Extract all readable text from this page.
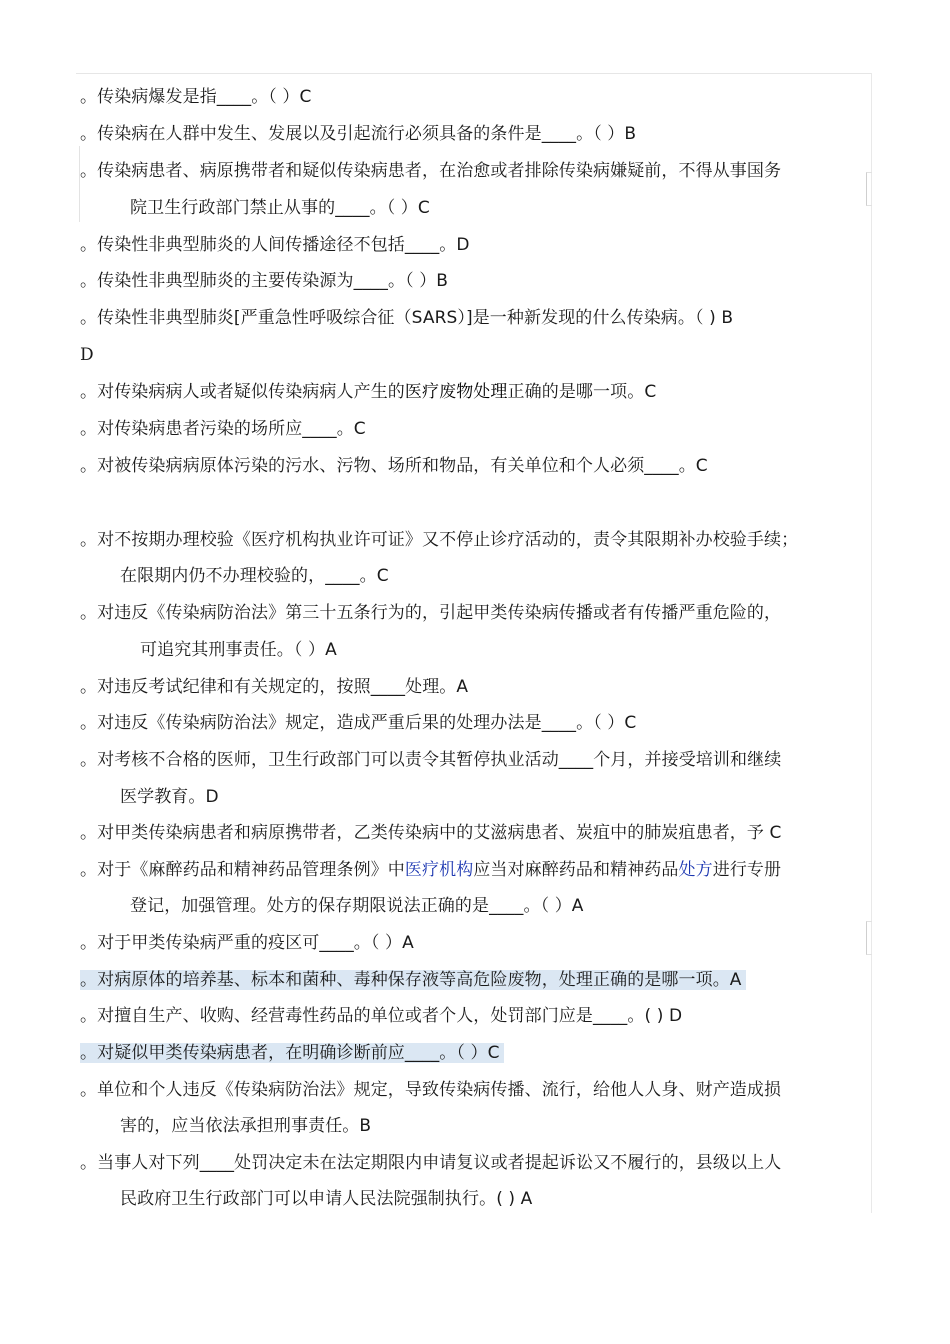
。传染病爆发是指____。（ ）C
。传染病在人群中发生、发展以及引起流行必须具备的条件是____。（ ）B
。传染病患者、病原携带者和疑似传染病患者，在治愈或者排除传染病嫌疑前，不得从事国务
院卫生行政部门禁止从事的____。（ ）C
。传染性非典型肺炎的人间传播途径不包括____。D
。传染性非典型肺炎的主要传染源为____。（ ）B
。传染性非典型肺炎[严重急性呼吸综合征（SARS）]是一种新发现的什么传染病。（ ) B
D
。对传染病病人或者疑似传染病病人产生的医疗废物处理正确的是哪一项。C
。对传染病患者污染的场所应____。C
。对被传染病病原体污染的污水、污物、场所和物品，有关单位和个人必须____。C
。对不按期办理校验《医疗机构执业许可证》又不停止诊疗活动的，责令其限期补办校验手续；
在限期内仍不办理校验的，____。C
。对违反《传染病防治法》第三十五条行为的，引起甲类传染病传播或者有传播严重危险的，
可追究其刑事责任。（ ）A
。对违反考试纪律和有关规定的，按照____处理。A
。对违反《传染病防治法》规定，造成严重后果的处理办法是____。（ ）C
。对考核不合格的医师，卫生行政部门可以责令其暂停执业活动____个月，并接受培训和继续
医学教育。D
。对甲类传染病患者和病原携带者，乙类传染病中的艾滋病患者、炭疽中的肺炭疽患者，予 C
。对于《麻醉药品和精神药品管理条例》中医疗机构应当对麻醉药品和精神药品处方进行专册
登记，加强管理。处方的保存期限说法正确的是____。（ ）A
。对于甲类传染病严重的疫区可____。（ ）A
。对病原体的培养基、标本和菌种、毒种保存液等高危险废物，处理正确的是哪一项。A
。对擅自生产、收购、经营毒性药品的单位或者个人，处罚部门应是____。( ) D
。对疑似甲类传染病患者，在明确诊断前应____。（ ）C
。单位和个人违反《传染病防治法》规定，导致传染病传播、流行，给他人人身、财产造成损
害的，应当依法承担刑事责任。B
。当事人对下列____处罚决定未在法定期限内申请复议或者提起诉讼又不履行的，县级以上人
民政府卫生行政部门可以申请人民法院强制执行。( ) A
